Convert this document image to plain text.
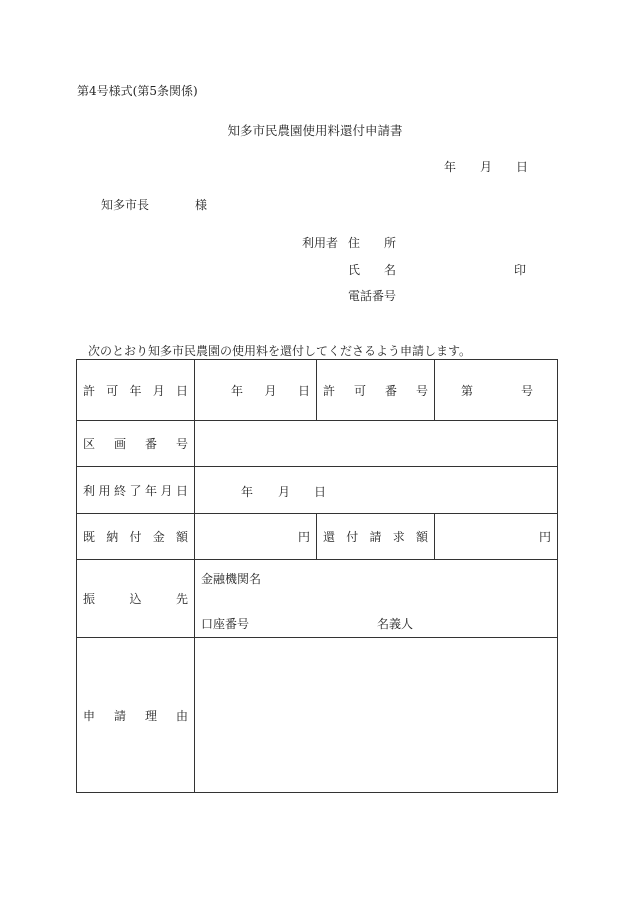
第4号様式(第5条関係)
知多市民農園使用料還付申請書
年 月 日
知多市長	様
利用者 住 所
氏 名	印
電話番号
次のとおり知多市民農園の使用料を還付してくださるよう申請します。
許可年月日	年 月 日	許可番号	第 号

区画番号			

利用終了年月日	年 月 日		

既納付金額	円	還付請求額	円

振込先	金融機関名
口座番号 名義人		

申請理由			
